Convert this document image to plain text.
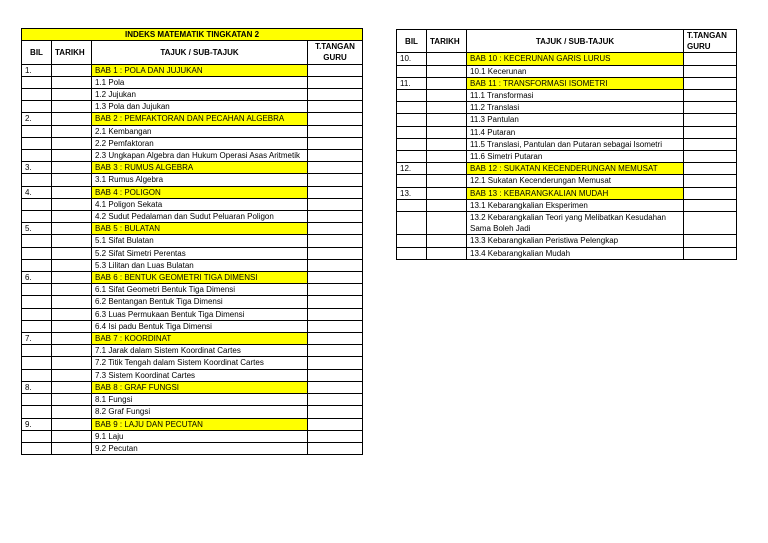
INDEKS MATEMATIK TINGKATAN 2			
BIL	TARIKH	TAJUK / SUB-TAJUK	T.TANGAN GURU
1.		BAB 1 : POLA DAN JUJUKAN	
		1.1 Pola	
		1.2 Jujukan	
		1.3 Pola dan Jujukan	
2.		BAB 2 : PEMFAKTORAN DAN PECAHAN ALGEBRA	
		2.1 Kembangan	
		2.2 Pemfaktoran	
		2.3 Ungkapan Algebra dan Hukum Operasi Asas Aritmetik	
3.		BAB 3 : RUMUS ALGEBRA	
		3.1 Rumus Algebra	
4.		BAB 4 : POLIGON	
		4.1 Poligon Sekata	
		4.2 Sudut Pedalaman dan Sudut Peluaran Poligon	
5.		BAB 5 : BULATAN	
		5.1 Sifat Bulatan	
		5.2 Sifat Simetri Perentas	
		5.3 Lilitan dan Luas Bulatan	
6.		BAB 6 : BENTUK GEOMETRI TIGA DIMENSI	
		6.1 Sifat Geometri Bentuk Tiga Dimensi	
		6.2 Bentangan Bentuk Tiga Dimensi	
		6.3 Luas Permukaan Bentuk Tiga Dimensi	
		6.4 Isi padu Bentuk Tiga Dimensi	
7.		BAB 7 : KOORDINAT	
		7.1 Jarak dalam Sistem Koordinat Cartes	
		7.2 Titik Tengah dalam Sistem Koordinat Cartes	
		7.3 Sistem Koordinat Cartes	
8.		BAB 8 : GRAF FUNGSI	
		8.1 Fungsi	
		8.2 Graf Fungsi	
9.		BAB 9 : LAJU DAN PECUTAN	
		9.1 Laju	
		9.2 Pecutan	
BIL	TARIKH	TAJUK / SUB-TAJUK	T.TANGAN GURU
10.		BAB 10 : KECERUNAN GARIS LURUS	
		10.1 Kecerunan	
11.		BAB 11 : TRANSFORMASI ISOMETRI	
		11.1 Transformasi	
		11.2 Translasi	
		11.3 Pantulan	
		11.4 Putaran	
		11.5 Translasi, Pantulan dan Putaran sebagai Isometri	
		11.6 Simetri Putaran	
12.		BAB 12 : SUKATAN KECENDERUNGAN MEMUSAT	
		12.1 Sukatan Kecenderungan Memusat	
13.		BAB 13 : KEBARANGKALIAN MUDAH	
		13.1 Kebarangkalian Eksperimen	
		13.2 Kebarangkalian Teori yang Melibatkan Kesudahan Sama Boleh Jadi	
		13.3 Kebarangkalian Peristiwa Pelengkap	
		13.4 Kebarangkalian Mudah	
